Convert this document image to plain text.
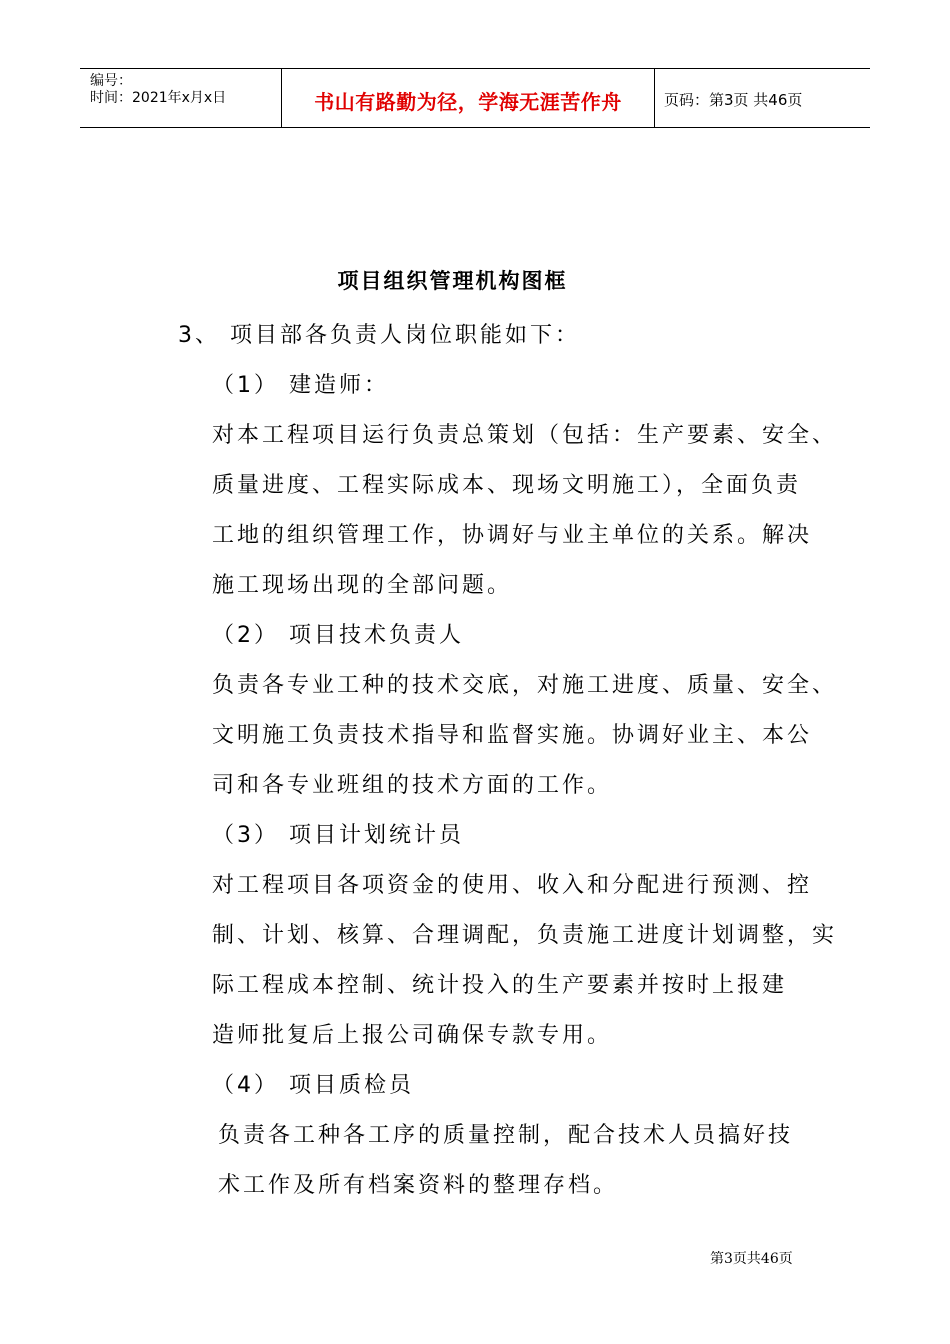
编号：
时间：2021年x月x日	书山有路勤为径，学海无涯苦作舟	页码：第3页 共46页
项目组织管理机构图框
3、 项目部各负责人岗位职能如下：
（1） 建造师：
对本工程项目运行负责总策划（包括：生产要素、安全、
质量进度、工程实际成本、现场文明施工），全面负责
工地的组织管理工作，协调好与业主单位的关系。解决
施工现场出现的全部问题。
（2） 项目技术负责人
负责各专业工种的技术交底，对施工进度、质量、安全、
文明施工负责技术指导和监督实施。协调好业主、本公
司和各专业班组的技术方面的工作。
（3） 项目计划统计员
对工程项目各项资金的使用、收入和分配进行预测、控
制、计划、核算、合理调配，负责施工进度计划调整，实
际工程成本控制、统计投入的生产要素并按时上报建
造师批复后上报公司确保专款专用。
（4） 项目质检员
负责各工种各工序的质量控制，配合技术人员搞好技
术工作及所有档案资料的整理存档。
第3页共46页
